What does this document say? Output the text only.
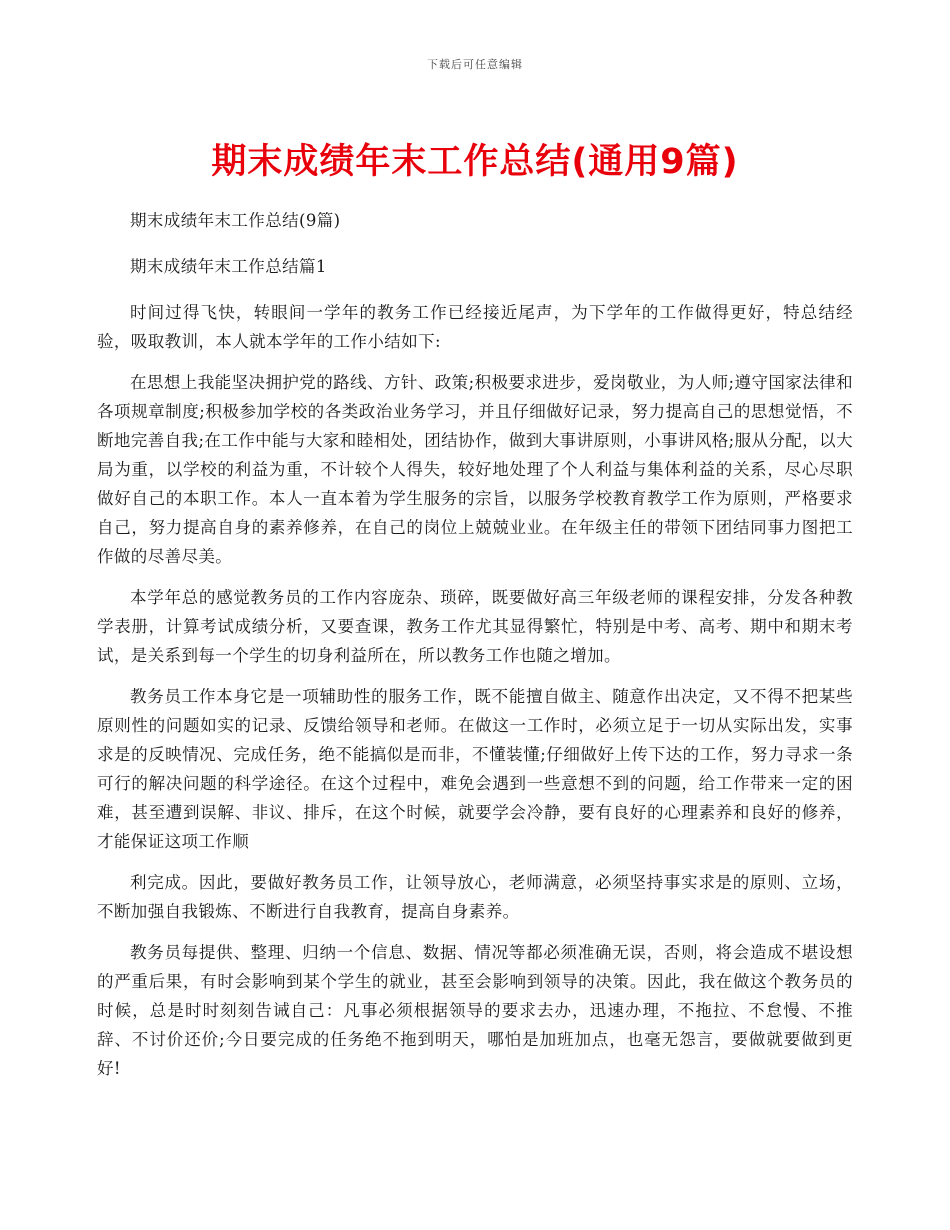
下载后可任意编辑
期末成绩年末工作总结(通用9篇)

期末成绩年末工作总结(9篇)

期末成绩年末工作总结篇1

时间过得飞快，转眼间一学年的教务工作已经接近尾声，为下学年的工作做得更好，特总结经验，吸取教训，本人就本学年的工作小结如下:

在思想上我能坚决拥护党的路线、方针、政策;积极要求进步，爱岗敬业，为人师;遵守国家法律和各项规章制度;积极参加学校的各类政治业务学习，并且仔细做好记录，努力提高自己的思想觉悟，不断地完善自我;在工作中能与大家和睦相处，团结协作，做到大事讲原则，小事讲风格;服从分配，以大局为重，以学校的利益为重，不计较个人得失，较好地处理了个人利益与集体利益的关系，尽心尽职做好自己的本职工作。本人一直本着为学生服务的宗旨，以服务学校教育教学工作为原则，严格要求自己，努力提高自身的素养修养，在自己的岗位上兢兢业业。在年级主任的带领下团结同事力图把工作做的尽善尽美。

本学年总的感觉教务员的工作内容庞杂、琐碎，既要做好高三年级老师的课程安排，分发各种教学表册，计算考试成绩分析，又要查课，教务工作尤其显得繁忙，特别是中考、高考、期中和期末考试，是关系到每一个学生的切身利益所在，所以教务工作也随之增加。

教务员工作本身它是一项辅助性的服务工作，既不能擅自做主、随意作出决定，又不得不把某些原则性的问题如实的记录、反馈给领导和老师。在做这一工作时，必须立足于一切从实际出发，实事求是的反映情况、完成任务，绝不能搞似是而非，不懂装懂;仔细做好上传下达的工作，努力寻求一条可行的解决问题的科学途径。在这个过程中，难免会遇到一些意想不到的问题，给工作带来一定的困难，甚至遭到误解、非议、排斥，在这个时候，就要学会冷静，要有良好的心理素养和良好的修养，才能保证这项工作顺

利完成。因此，要做好教务员工作，让领导放心，老师满意，必须坚持事实求是的原则、立场，不断加强自我锻炼、不断进行自我教育，提高自身素养。

教务员每提供、整理、归纳一个信息、数据、情况等都必须准确无误，否则，将会造成不堪设想的严重后果，有时会影响到某个学生的就业，甚至会影响到领导的决策。因此，我在做这个教务员的时候，总是时时刻刻告诫自己：凡事必须根据领导的要求去办，迅速办理，不拖拉、不怠慢、不推辞、不讨价还价;今日要完成的任务绝不拖到明天，哪怕是加班加点，也毫无怨言，要做就要做到更好!
